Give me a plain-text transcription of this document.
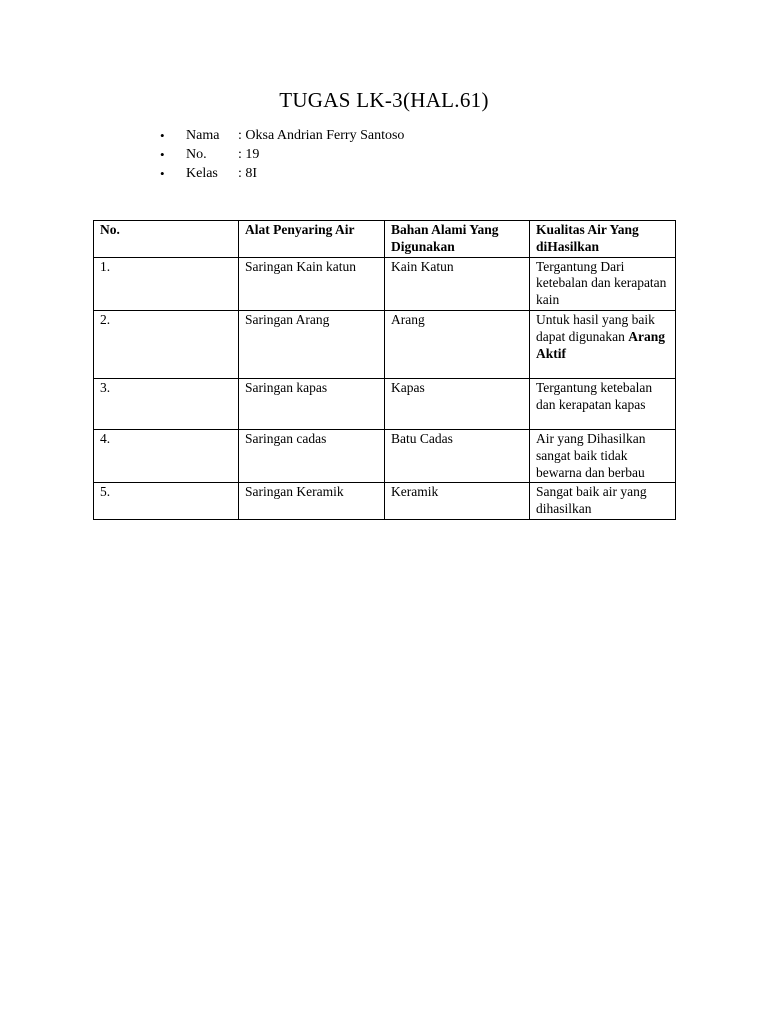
TUGAS LK-3(HAL.61)
• Nama : Oksa Andrian Ferry Santoso
• No. : 19
• Kelas : 8I
No.	Alat Penyaring Air	Bahan Alami Yang Digunakan	Kualitas Air Yang diHasilkan
1.	Saringan Kain katun	Kain Katun	Tergantung Dari ketebalan dan kerapatan kain
2.	Saringan Arang	Arang	Untuk hasil yang baik dapat digunakan Arang Aktif
3.	Saringan kapas	Kapas	Tergantung ketebalan dan kerapatan kapas
4.	Saringan cadas	Batu Cadas	Air yang Dihasilkan sangat baik tidak bewarna dan berbau
5.	Saringan Keramik	Keramik	Sangat baik air yang dihasilkan
